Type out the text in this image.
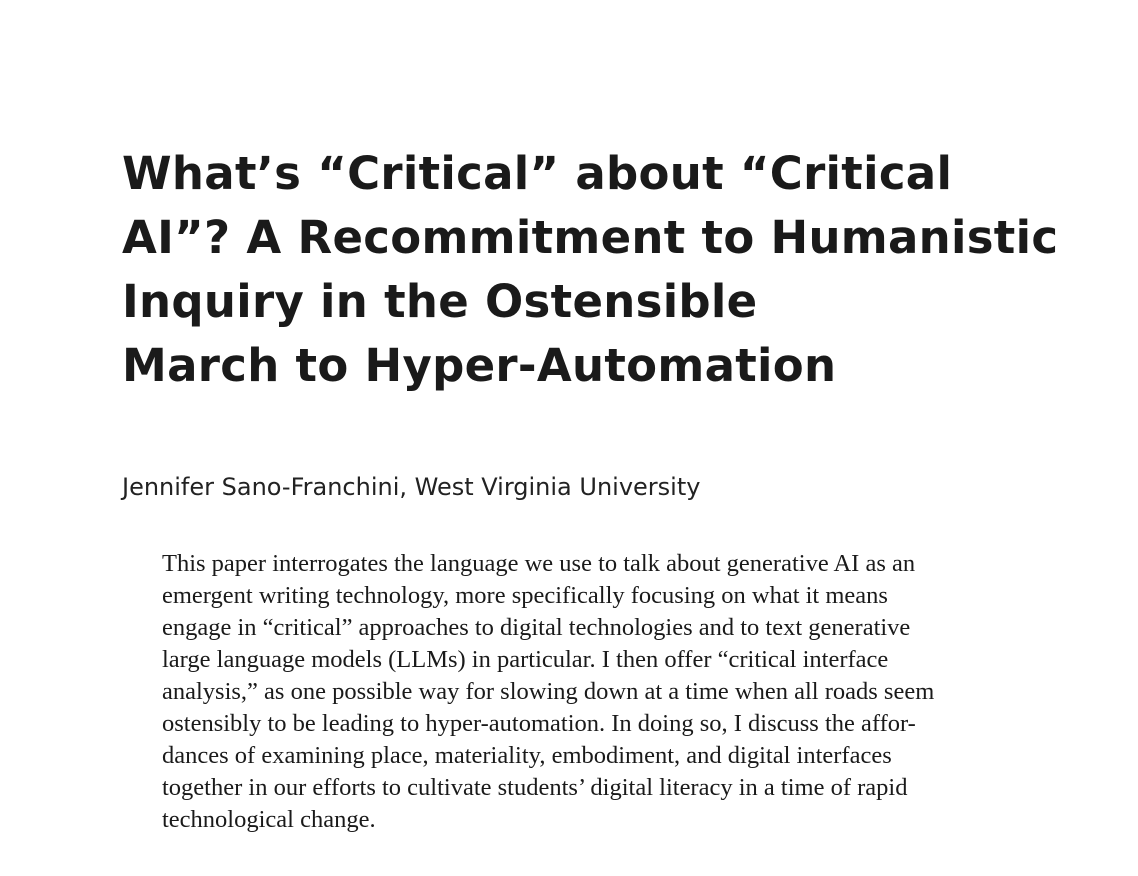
What’s “Critical” about “Critical
AI”? A Recommitment to Humanistic
Inquiry in the Ostensible
March to Hyper-Automation

Jennifer Sano-Franchini, West Virginia University

This paper interrogates the language we use to talk about generative AI as an
emergent writing technology, more specifically focusing on what it means
engage in “critical” approaches to digital technologies and to text generative
large language models (LLMs) in particular. I then offer “critical interface
analysis,” as one possible way for slowing down at a time when all roads seem
ostensibly to be leading to hyper-automation. In doing so, I discuss the affor-
dances of examining place, materiality, embodiment, and digital interfaces
together in our efforts to cultivate students’ digital literacy in a time of rapid
technological change.
